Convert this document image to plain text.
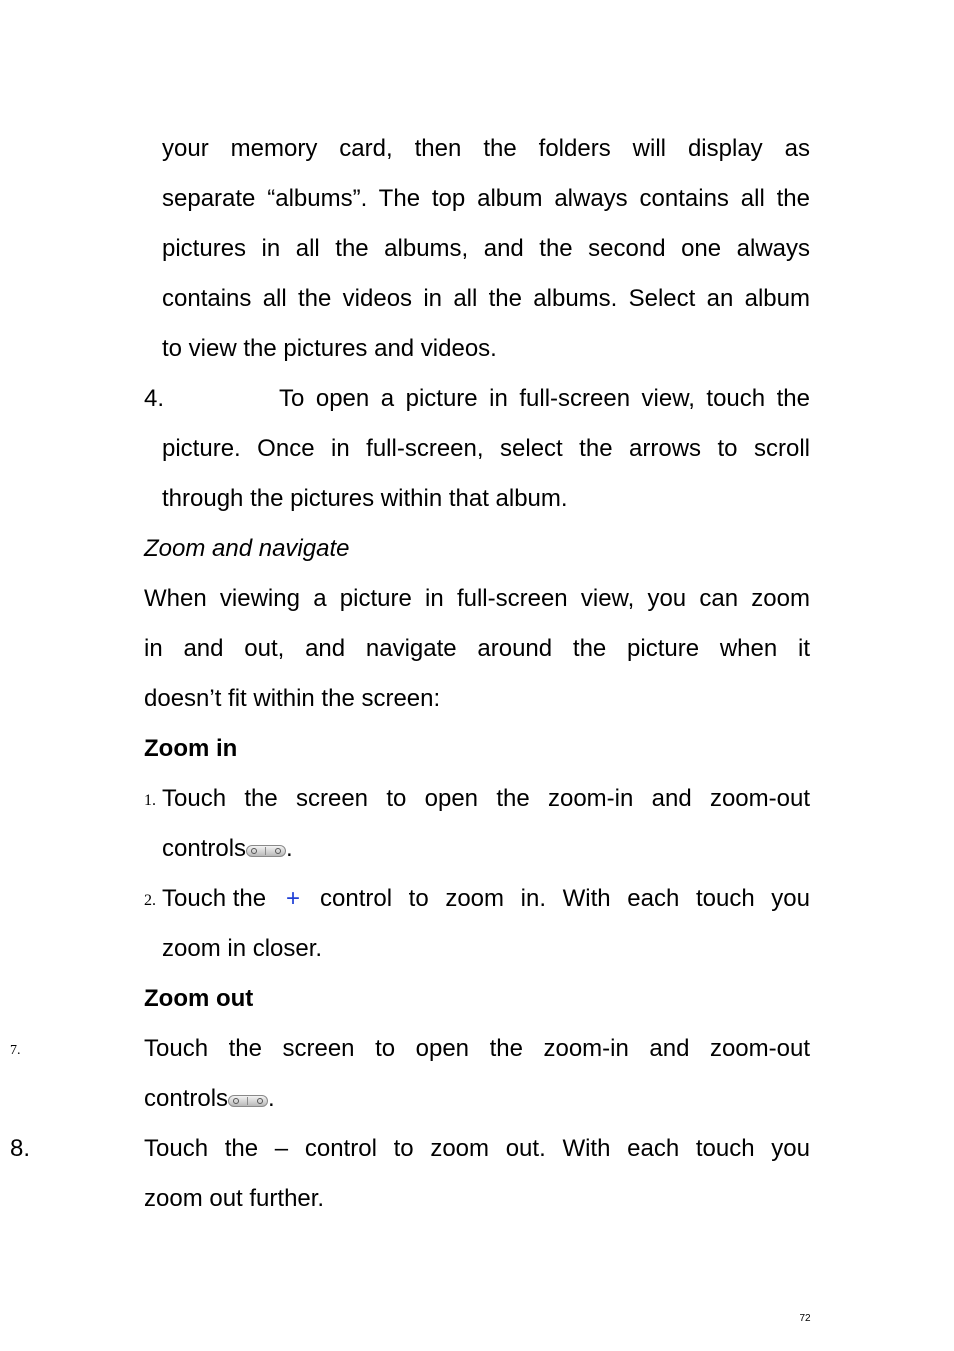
your memory card, then the folders will display as
separate “albums”. The top album always contains all the
pictures in all the albums, and the second one always
contains all the videos in all the albums. Select an album
to view the pictures and videos.
4.	To open a picture in full-screen view, touch the
picture. Once in full-screen, select the arrows to scroll
through the pictures within that album.
Zoom and navigate
When viewing a picture in full-screen view, you can zoom
in and out, and navigate around the picture when it
doesn’t fit within the screen:
Zoom in
1. Touch the screen to open the zoom-in and zoom-out
controls .
2. Touch the + control to zoom in. With each touch you
zoom in closer.
Zoom out
7.	Touch the screen to open the zoom-in and zoom-out
controls .
8.	Touch the – control to zoom out. With each touch you
zoom out further.
72
